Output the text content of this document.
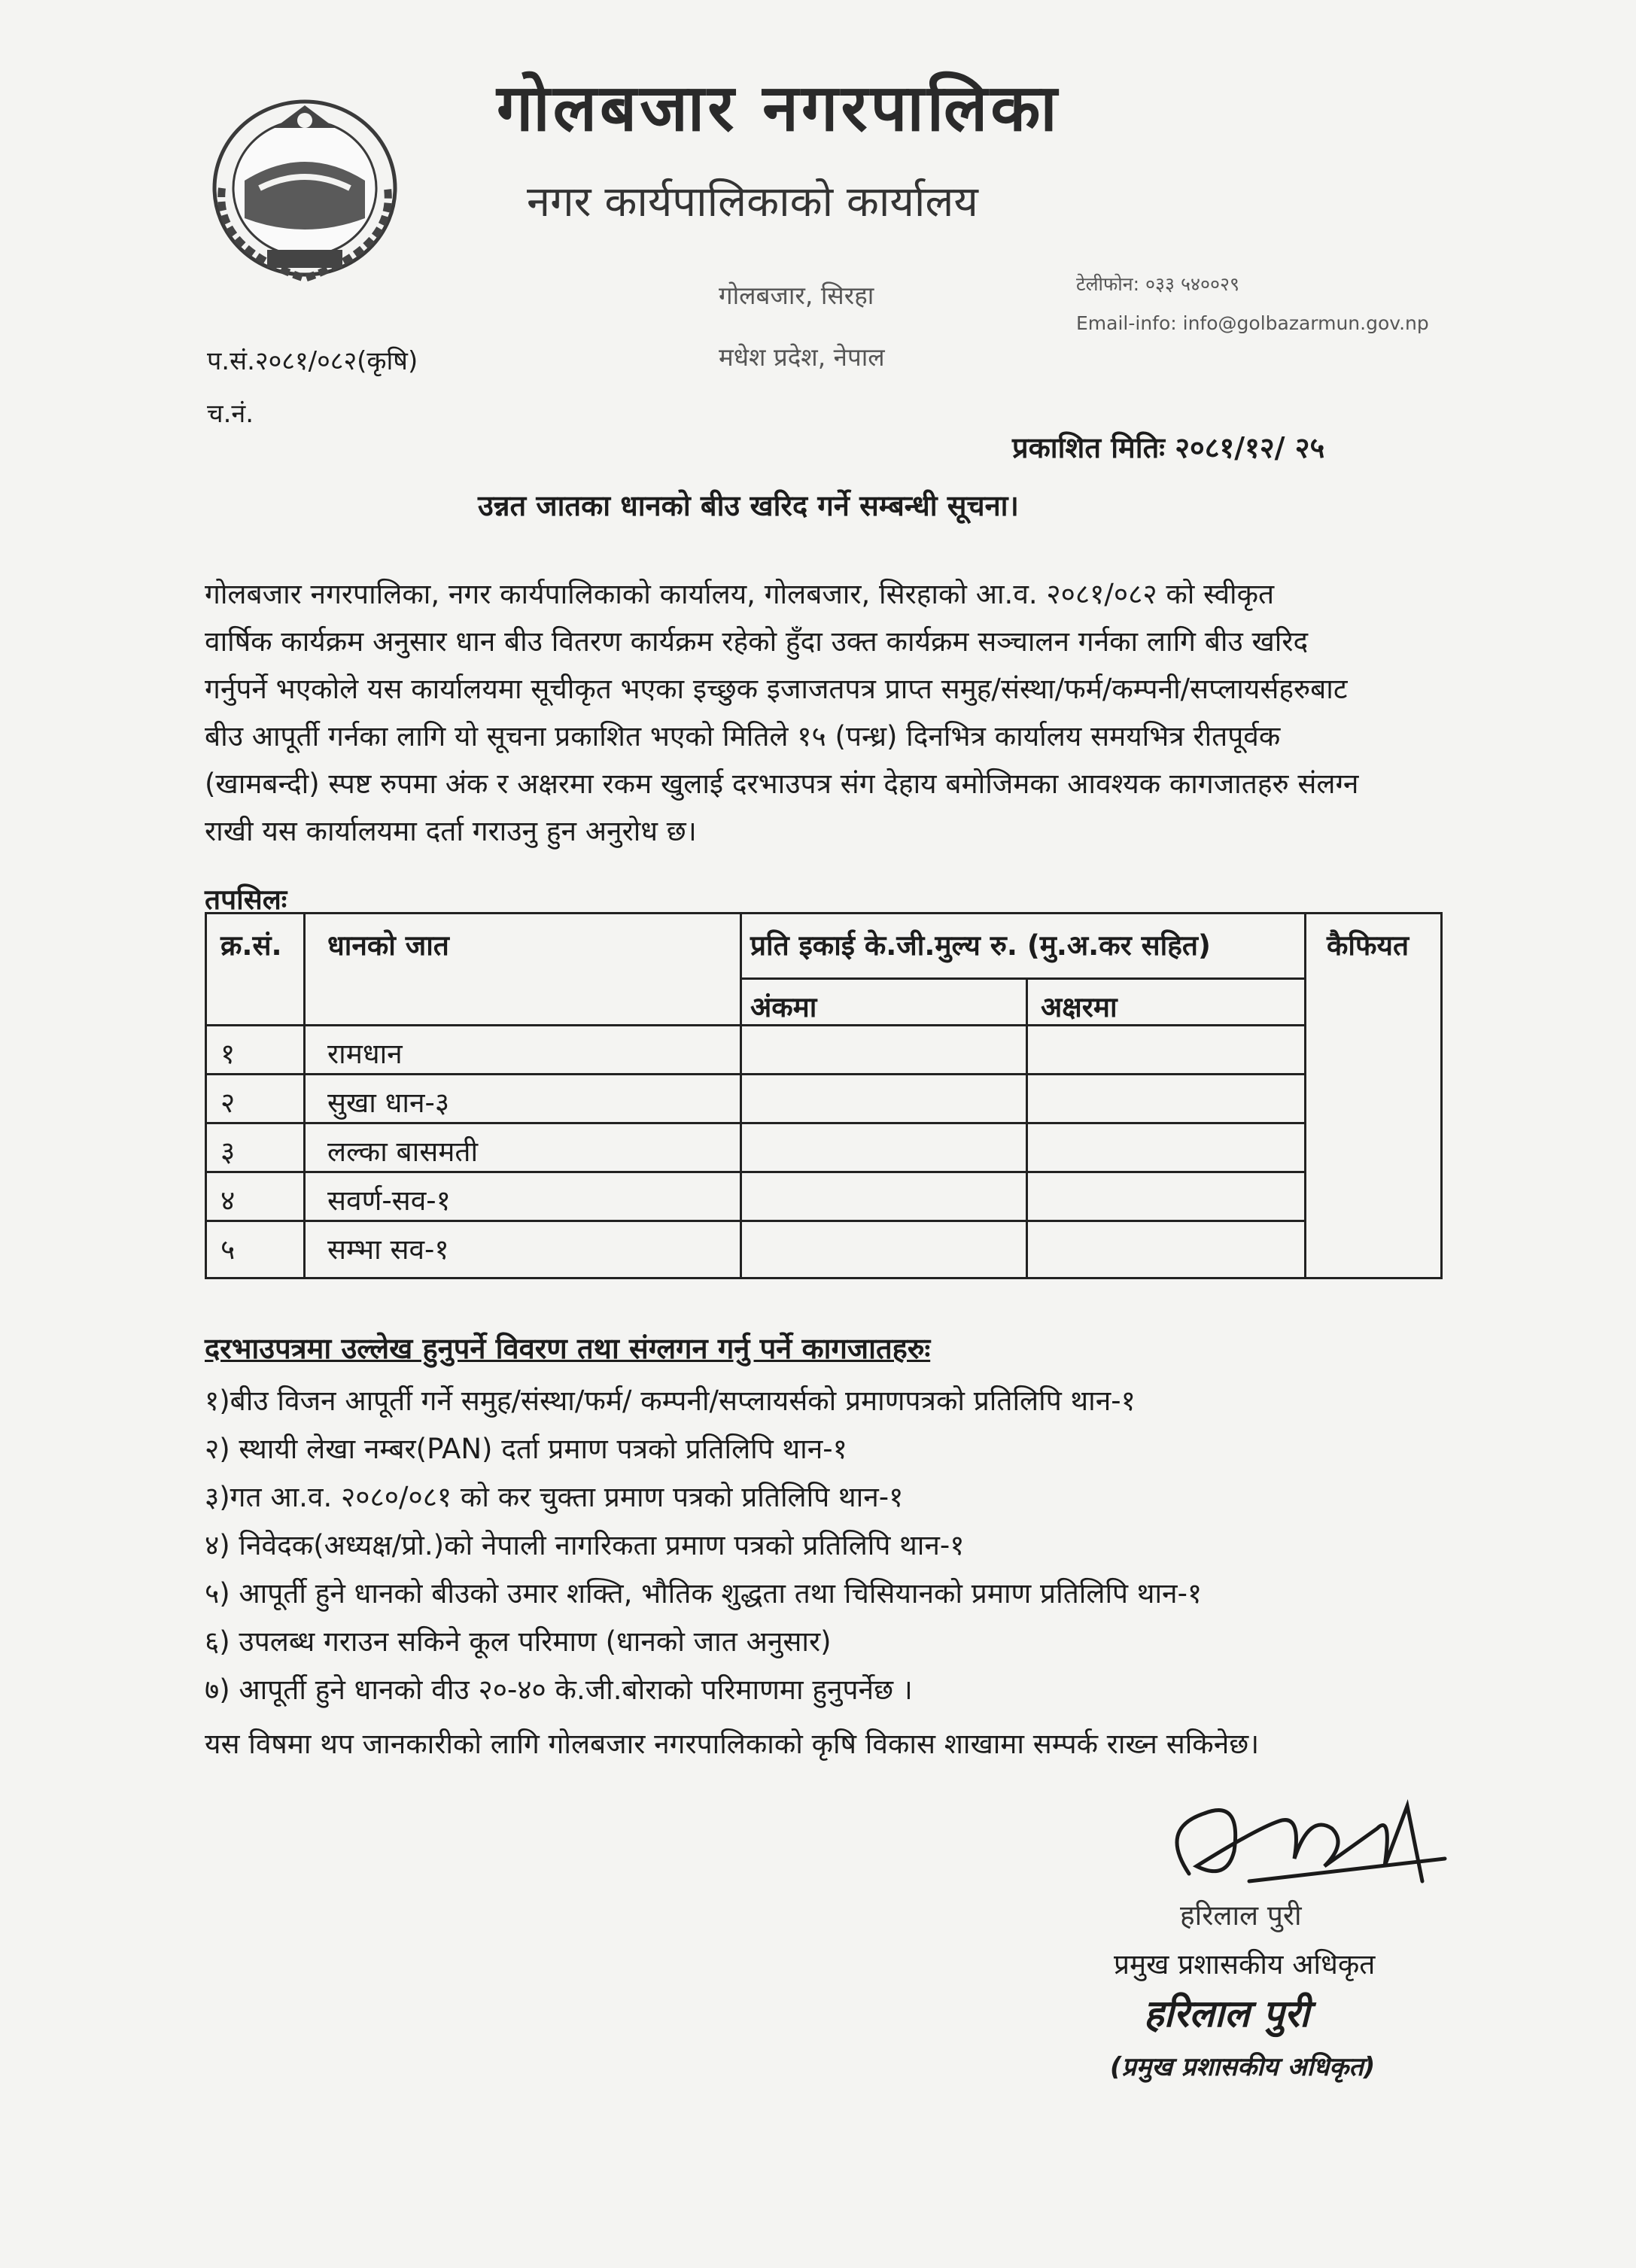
गोलबजार नगरपालिका
नगर कार्यपालिकाको कार्यालय
गोलबजार, सिरहा
मधेश प्रदेश, नेपाल
टेलीफोन: ०३३ ५४००२९
Email-info: info@golbazarmun.gov.np
प.सं.२०८१/०८२(कृषि)
च.नं.
प्रकाशित मितिः २०८१/१२/ २५
उन्नत जातका धानको बीउ खरिद गर्ने सम्बन्धी सूचना।
गोलबजार नगरपालिका, नगर कार्यपालिकाको कार्यालय, गोलबजार, सिरहाको आ.व. २०८१/०८२ को स्वीकृत
वार्षिक कार्यक्रम अनुसार धान बीउ वितरण कार्यक्रम रहेको हुँदा उक्त कार्यक्रम सञ्चालन गर्नका लागि बीउ खरिद
गर्नुपर्ने भएकोले यस कार्यालयमा सूचीकृत भएका इच्छुक इजाजतपत्र प्राप्त समुह/संस्था/फर्म/कम्पनी/सप्लायर्सहरुबाट
बीउ आपूर्ती गर्नका लागि यो सूचना प्रकाशित भएको मितिले १५ (पन्ध्र) दिनभित्र कार्यालय समयभित्र रीतपूर्वक
(खामबन्दी) स्पष्ट रुपमा अंक र अक्षरमा रकम खुलाई दरभाउपत्र संग देहाय बमोजिमका आवश्यक कागजातहरु संलग्न
राखी यस कार्यालयमा दर्ता गराउनु हुन अनुरोध छ।
तपसिलः
क्र.सं. धानको जात	प्रति इकाई के.जी.मुल्य रु. (मु.अ.कर सहित)	कैफियत
अंकमा	अक्षरमा
१	रामधान
२	सुखा धान-३
३	लल्का बासमती
४	सवर्ण-सव-१
५	सम्भा सव-१
दरभाउपत्रमा उल्लेख हुनुपर्ने विवरण तथा संग्लगन गर्नु पर्ने कागजातहरुः
१)बीउ विजन आपूर्ती गर्ने समुह/संस्था/फर्म/ कम्पनी/सप्लायर्सको प्रमाणपत्रको प्रतिलिपि थान-१
२) स्थायी लेखा नम्बर(PAN) दर्ता प्रमाण पत्रको प्रतिलिपि थान-१
३)गत आ.व. २०८०/०८१ को कर चुक्ता प्रमाण पत्रको प्रतिलिपि थान-१
४) निवेदक(अध्यक्ष/प्रो.)को नेपाली नागरिकता प्रमाण पत्रको प्रतिलिपि थान-१
५) आपूर्ती हुने धानको बीउको उमार शक्ति, भौतिक शुद्धता तथा चिसियानको प्रमाण प्रतिलिपि थान-१
६) उपलब्ध गराउन सकिने कूल परिमाण (धानको जात अनुसार)
७) आपूर्ती हुने धानको वीउ २०-४० के.जी.बोराको परिमाणमा हुनुपर्नेछ ।
यस विषमा थप जानकारीको लागि गोलबजार नगरपालिकाको कृषि विकास शाखामा सम्पर्क राख्न सकिनेछ।
हरिलाल पुरी
प्रमुख प्रशासकीय अधिकृत
हरिलाल पुरी
(प्रमुख प्रशासकीय अधिकृत)
